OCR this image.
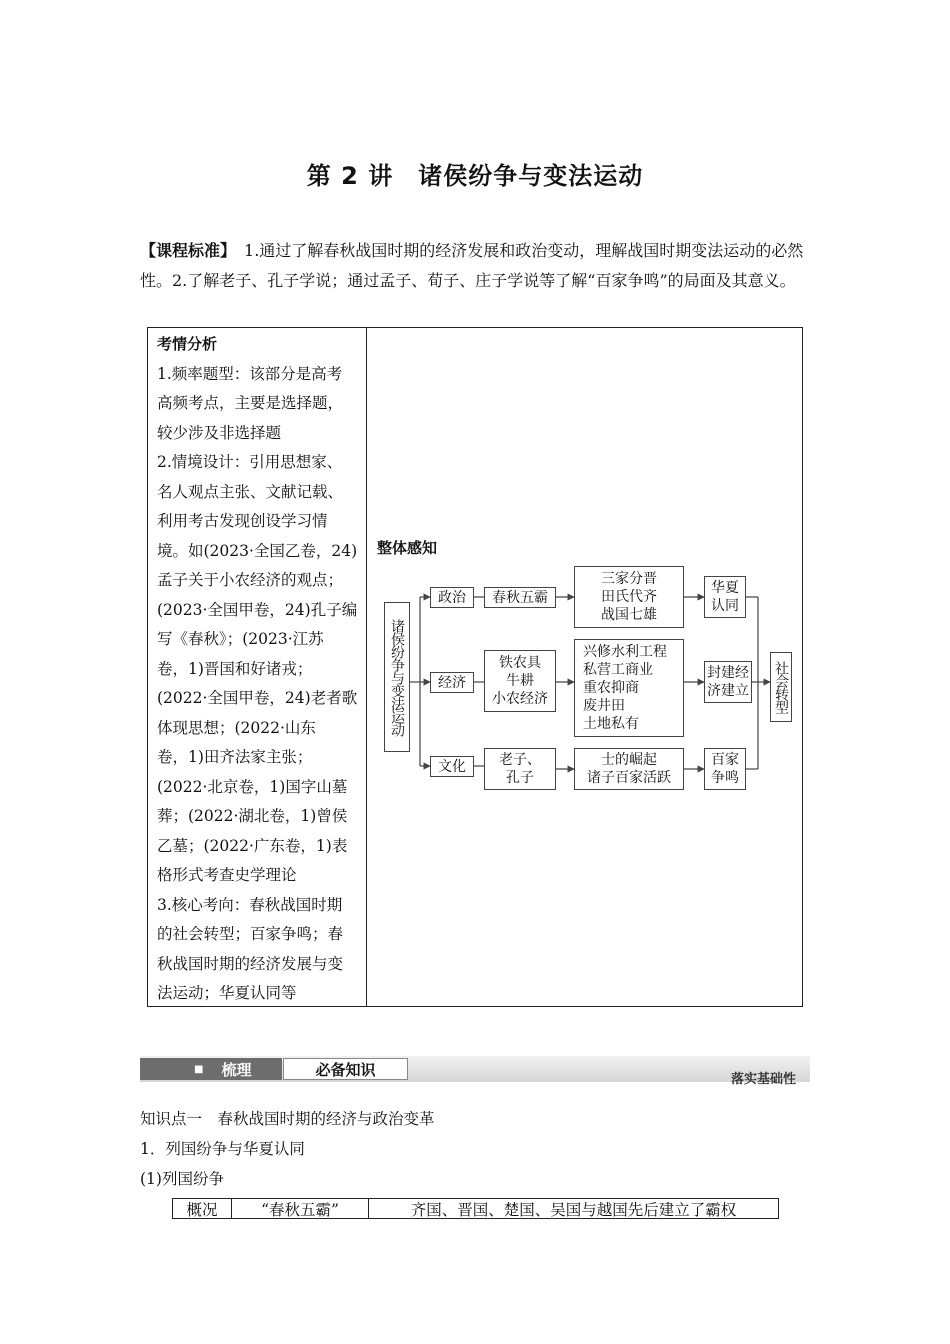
第 2 讲　诸侯纷争与变法运动
【课程标准】　1.通过了解春秋战国时期的经济发展和政治变动，理解战国时期变法运动的必然性。2.了解老子、孔子学说；通过孟子、荀子、庄子学说等了解“百家争鸣”的局面及其意义。
考情分析
1.频率题型：该部分是高考
高频考点，主要是选择题，
较少涉及非选择题
2.情境设计：引用思想家、
名人观点主张、文献记载、
利用考古发现创设学习情
境。如(2023·全国乙卷，24)
孟子关于小农经济的观点；
(2023·全国甲卷，24)孔子编
写《春秋》；(2023·江苏
卷，1)晋国和好诸戎；
(2022·全国甲卷，24)老者歌
体现思想；(2022·山东
卷，1)田齐法家主张；
(2022·北京卷，1)国字山墓
葬；(2022·湖北卷，1)曾侯
乙墓；(2022·广东卷，1)表
格形式考查史学理论
3.核心考向：春秋战国时期
的社会转型；百家争鸣；春
秋战国时期的经济发展与变
法运动；华夏认同等
整体感知
诸侯纷争与变法运动
政治	春秋五霸
三家分晋
田氏代齐
战国七雄
华夏
认同
经济
铁农具
牛耕
小农经济
兴修水利工程
私营工商业
重农抑商
废井田
土地私有
封建经
济建立
文化	老子、
孔子
士的崛起
诸子百家活跃
百家
争鸣
社会转型
■ 梳理	必备知识
落实基础性
知识点一　春秋战国时期的经济与政治变革
1．列国纷争与华夏认同
(1)列国纷争
概况	“春秋五霸”	齐国、晋国、楚国、吴国与越国先后建立了霸权
